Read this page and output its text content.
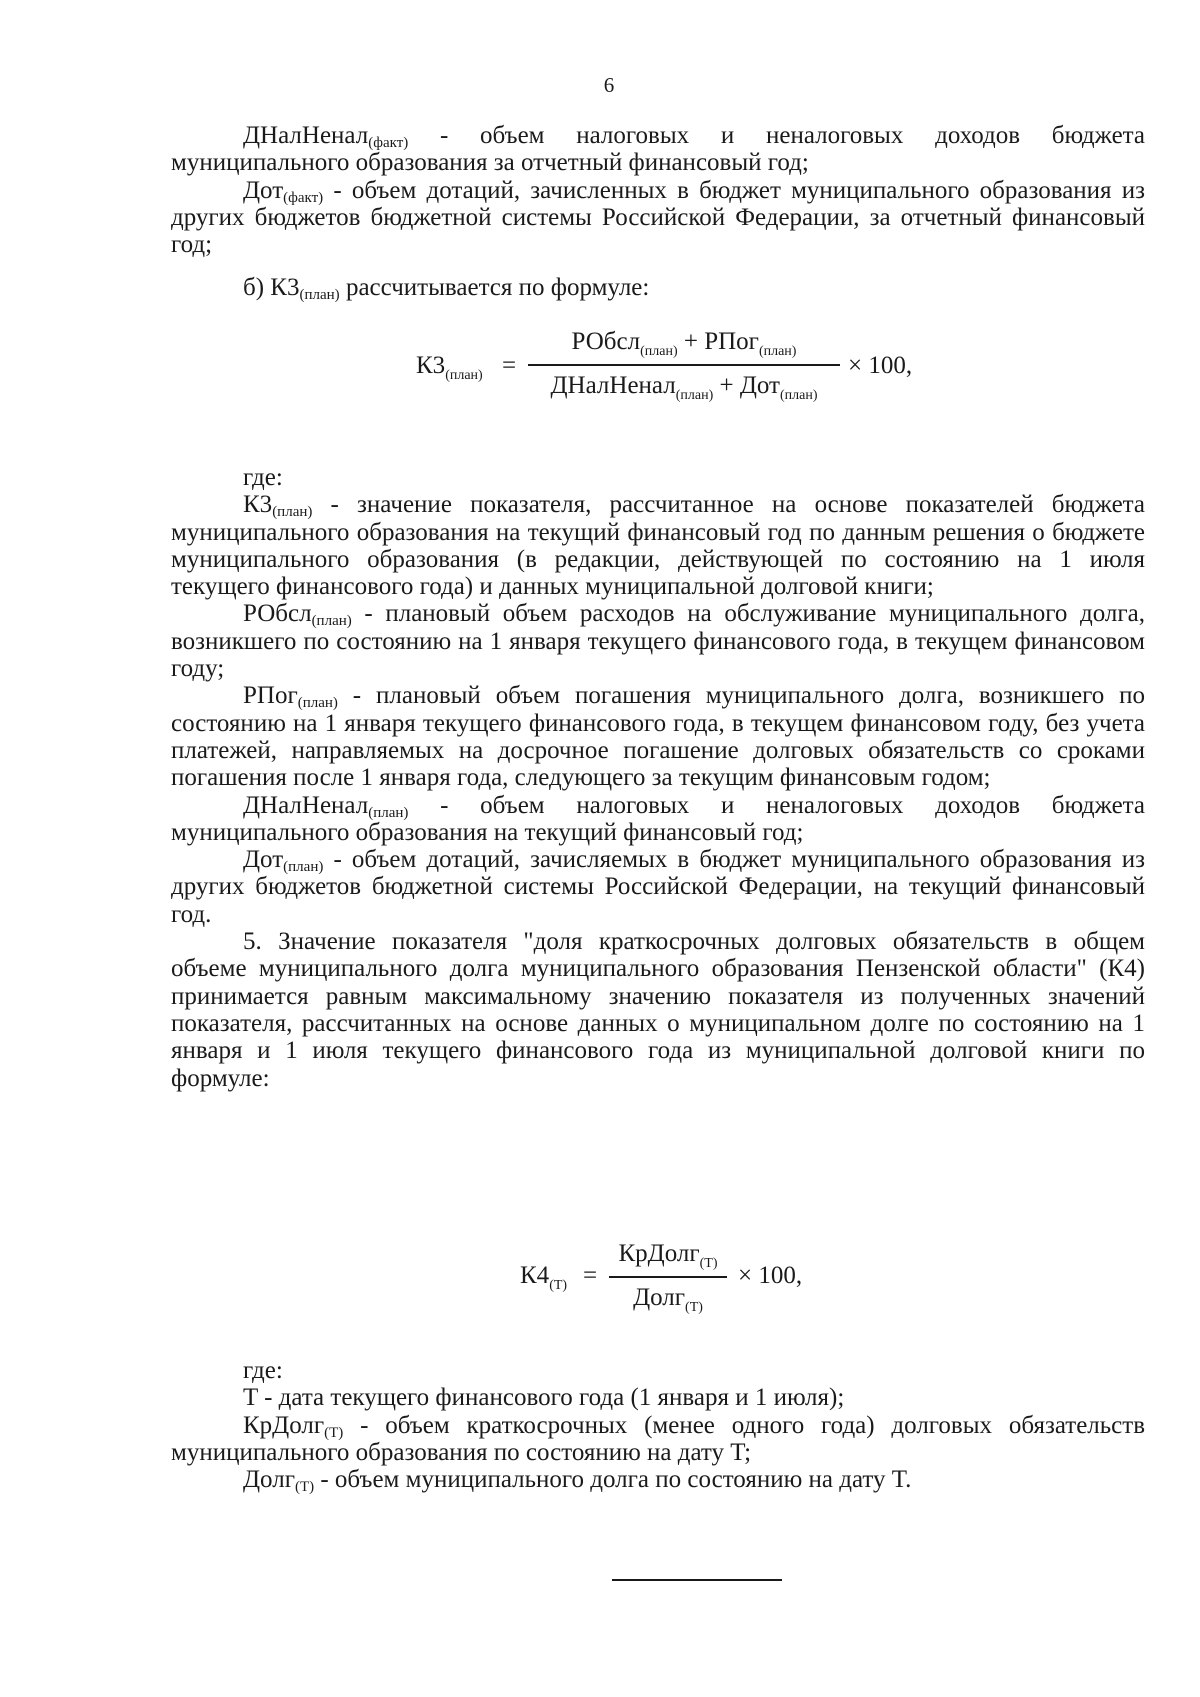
6

ДНалНенал$_{(факт)}$ - объем налоговых и неналоговых доходов бюджета муниципального образования за отчетный финансовый год;

Дот$_{(факт)}$ - объем дотаций, зачисленных в бюджет муниципального образования из других бюджетов бюджетной системы Российской Федерации, за отчетный финансовый год;

б) $К3_{(план)}$ рассчитывается по формуле:

$К3_{(план)}$ =
РОбсл$_{(план)}$ + РПог$_{(план)}$
ДНалНенал$_{(план)}$ + Дот$_{(план)}$
× 100,

где:

$К3_{(план)}$ - значение показателя, рассчитанное на основе показателей бюджета муниципального образования на текущий финансовый год по данным решения о бюджете муниципального образования (в редакции, действующей по состоянию на 1 июля текущего финансового года) и данных муниципальной долговой книги;

РОбсл$_{(план)}$ - плановый объем расходов на обслуживание муниципального долга, возникшего по состоянию на 1 января текущего финансового года, в текущем финансовом году;

РПог$_{(план)}$ - плановый объем погашения муниципального долга, возникшего по состоянию на 1 января текущего финансового года, в текущем финансовом году, без учета платежей, направляемых на досрочное погашение долговых обязательств со сроками погашения после 1 января года, следующего за текущим финансовым годом;

ДНалНенал$_{(план)}$ - объем налоговых и неналоговых доходов бюджета муниципального образования на текущий финансовый год;

Дот$_{(план)}$ - объем дотаций, зачисляемых в бюджет муниципального образования из других бюджетов бюджетной системы Российской Федерации, на текущий финансовый год.

5. Значение показателя "доля краткосрочных долговых обязательств в общем объеме муниципального долга муниципального образования Пензенской области" (К4) принимается равным максимальному значению показателя из полученных значений показателя, рассчитанных на основе данных о муниципальном долге по состоянию на 1 января и 1 июля текущего финансового года из муниципальной долговой книги по формуле:

$К4_{(T)}$ =
КрДолг$_{(T)}$
Долг$_{(T)}$
× 100,

где:

T - дата текущего финансового года (1 января и 1 июля);

КрДолг$_{(T)}$ - объем краткосрочных (менее одного года) долговых обязательств муниципального образования по состоянию на дату T;

Долг$_{(T)}$ - объем муниципального долга по состоянию на дату T.
